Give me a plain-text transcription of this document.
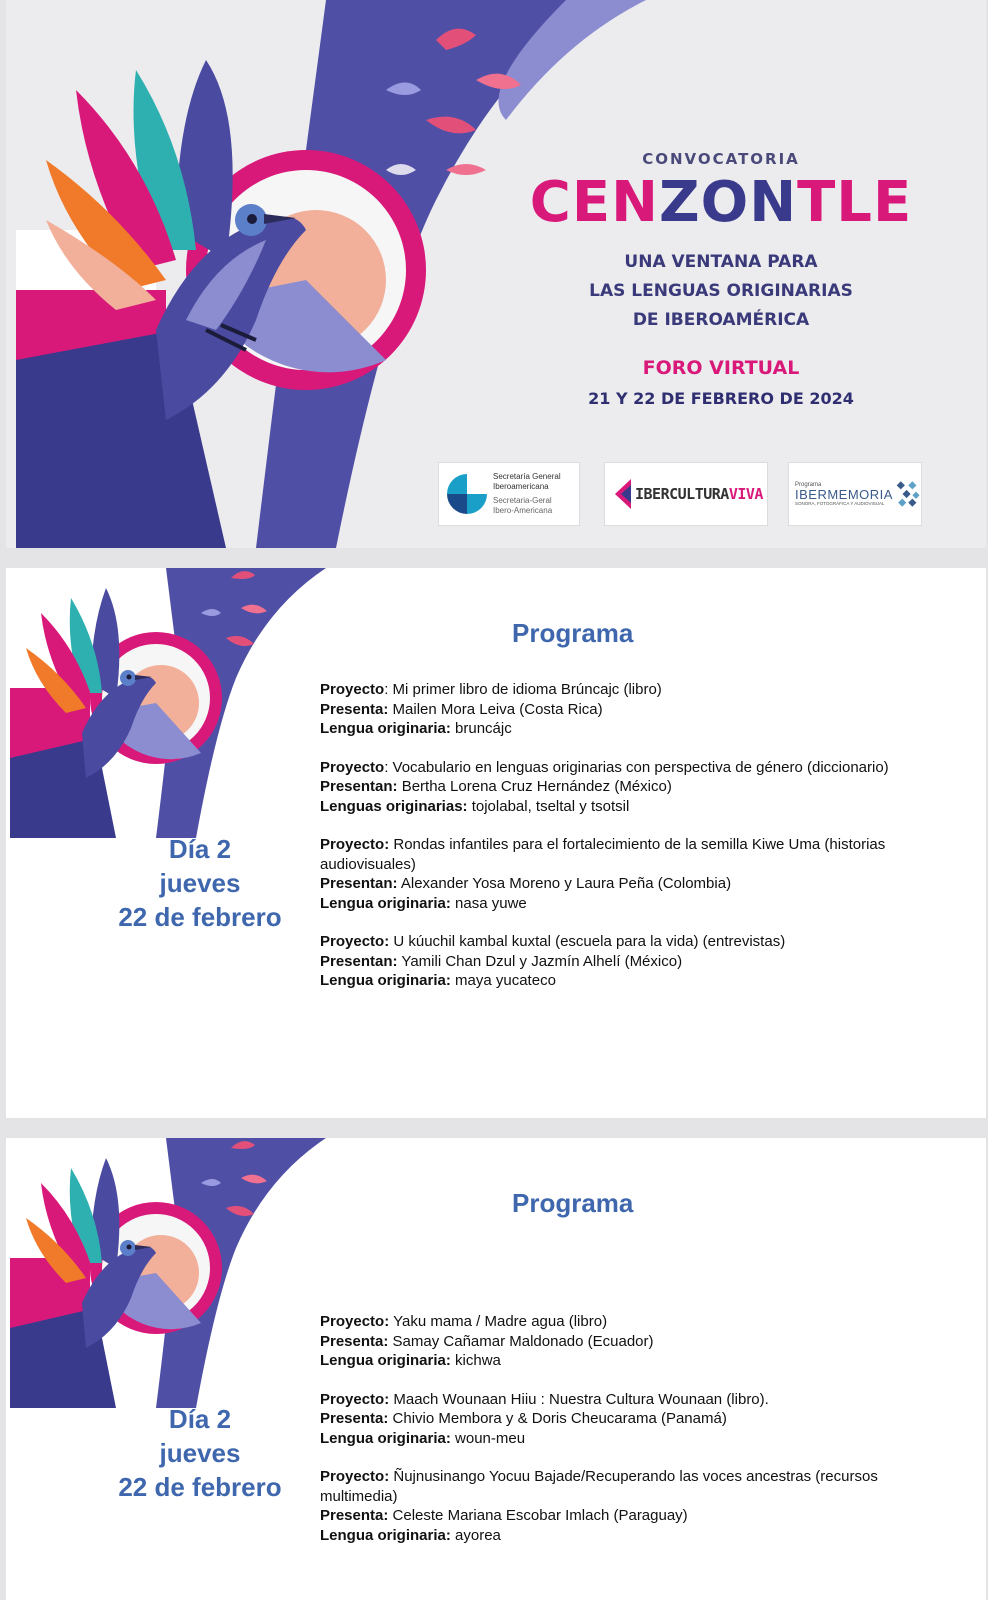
CONVOCATORIA
CENZONTLE
UNA VENTANA PARA
LAS LENGUAS ORIGINARIAS
DE IBEROAMÉRICA
FORO VIRTUAL
21 Y 22 DE FEBRERO DE 2024
Secretaría General
Iberoamericana
Secretaria-Geral
Ibero-Americana
IBERCULTURAVIVA
Programa
IBERMEMORIA
SONORA, FOTOGRÁFICA Y AUDIOVISUAL
Programa
Día 2
jueves
22 de febrero
Proyecto: Mi primer libro de idioma Brúncajc (libro)
Presenta: Mailen Mora Leiva (Costa Rica)
Lengua originaria: bruncájc
Proyecto: Vocabulario en lenguas originarias con perspectiva de género (diccionario)
Presentan: Bertha Lorena Cruz Hernández (México)
Lenguas originarias: tojolabal, tseltal y tsotsil
Proyecto: Rondas infantiles para el fortalecimiento de la semilla Kiwe Uma (historias audiovisuales)
Presentan: Alexander Yosa Moreno y Laura Peña (Colombia)
Lengua originaria: nasa yuwe
Proyecto: U kúuchil kambal kuxtal (escuela para la vida) (entrevistas)
Presentan: Yamili Chan Dzul y Jazmín Alhelí (México)
Lengua originaria: maya yucateco
Programa
Día 2
jueves
22 de febrero
Proyecto: Yaku mama / Madre agua (libro)
Presenta: Samay Cañamar Maldonado (Ecuador)
Lengua originaria: kichwa
Proyecto: Maach Wounaan Hiiu : Nuestra Cultura Wounaan (libro).
Presenta: Chivio Membora y & Doris Cheucarama (Panamá)
Lengua originaria: woun-meu
Proyecto: Ñujnusinango Yocuu Bajade/Recuperando las voces ancestras (recursos multimedia)
Presenta: Celeste Mariana Escobar Imlach (Paraguay)
Lengua originaria: ayorea
